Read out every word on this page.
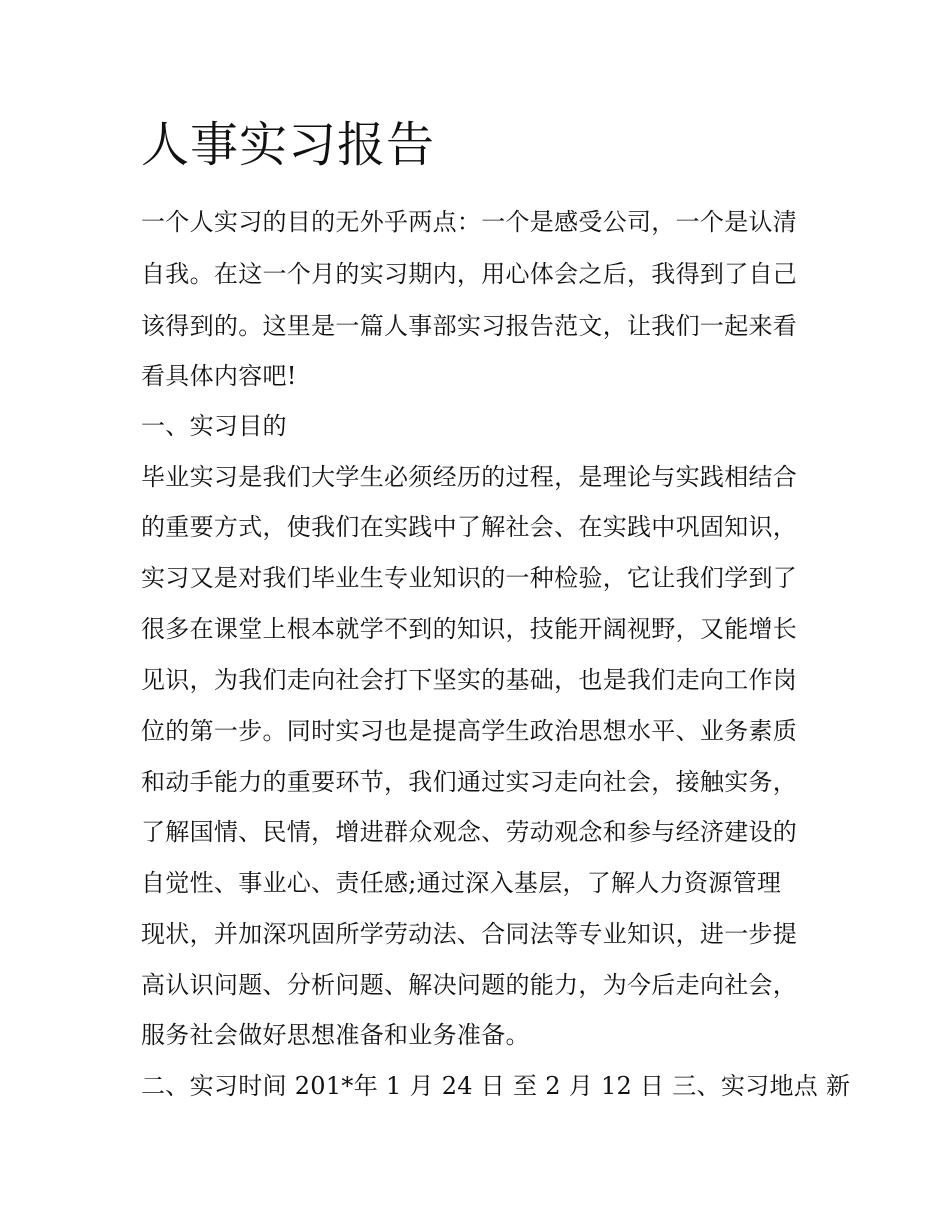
人事实习报告
一个人实习的目的无外乎两点：一个是感受公司，一个是认清
自我。在这一个月的实习期内，用心体会之后，我得到了自己
该得到的。这里是一篇人事部实习报告范文，让我们一起来看
看具体内容吧!
一、实习目的
毕业实习是我们大学生必须经历的过程，是理论与实践相结合
的重要方式，使我们在实践中了解社会、在实践中巩固知识，
实习又是对我们毕业生专业知识的一种检验，它让我们学到了
很多在课堂上根本就学不到的知识，技能开阔视野，又能增长
见识，为我们走向社会打下坚实的基础，也是我们走向工作岗
位的第一步。同时实习也是提高学生政治思想水平、业务素质
和动手能力的重要环节，我们通过实习走向社会，接触实务，
了解国情、民情，增进群众观念、劳动观念和参与经济建设的
自觉性、事业心、责任感;通过深入基层，了解人力资源管理
现状，并加深巩固所学劳动法、合同法等专业知识，进一步提
高认识问题、分析问题、解决问题的能力，为今后走向社会，
服务社会做好思想准备和业务准备。
二、实习时间 201*年 1 月 24 日 至 2 月 12 日 三、实习地点 新
